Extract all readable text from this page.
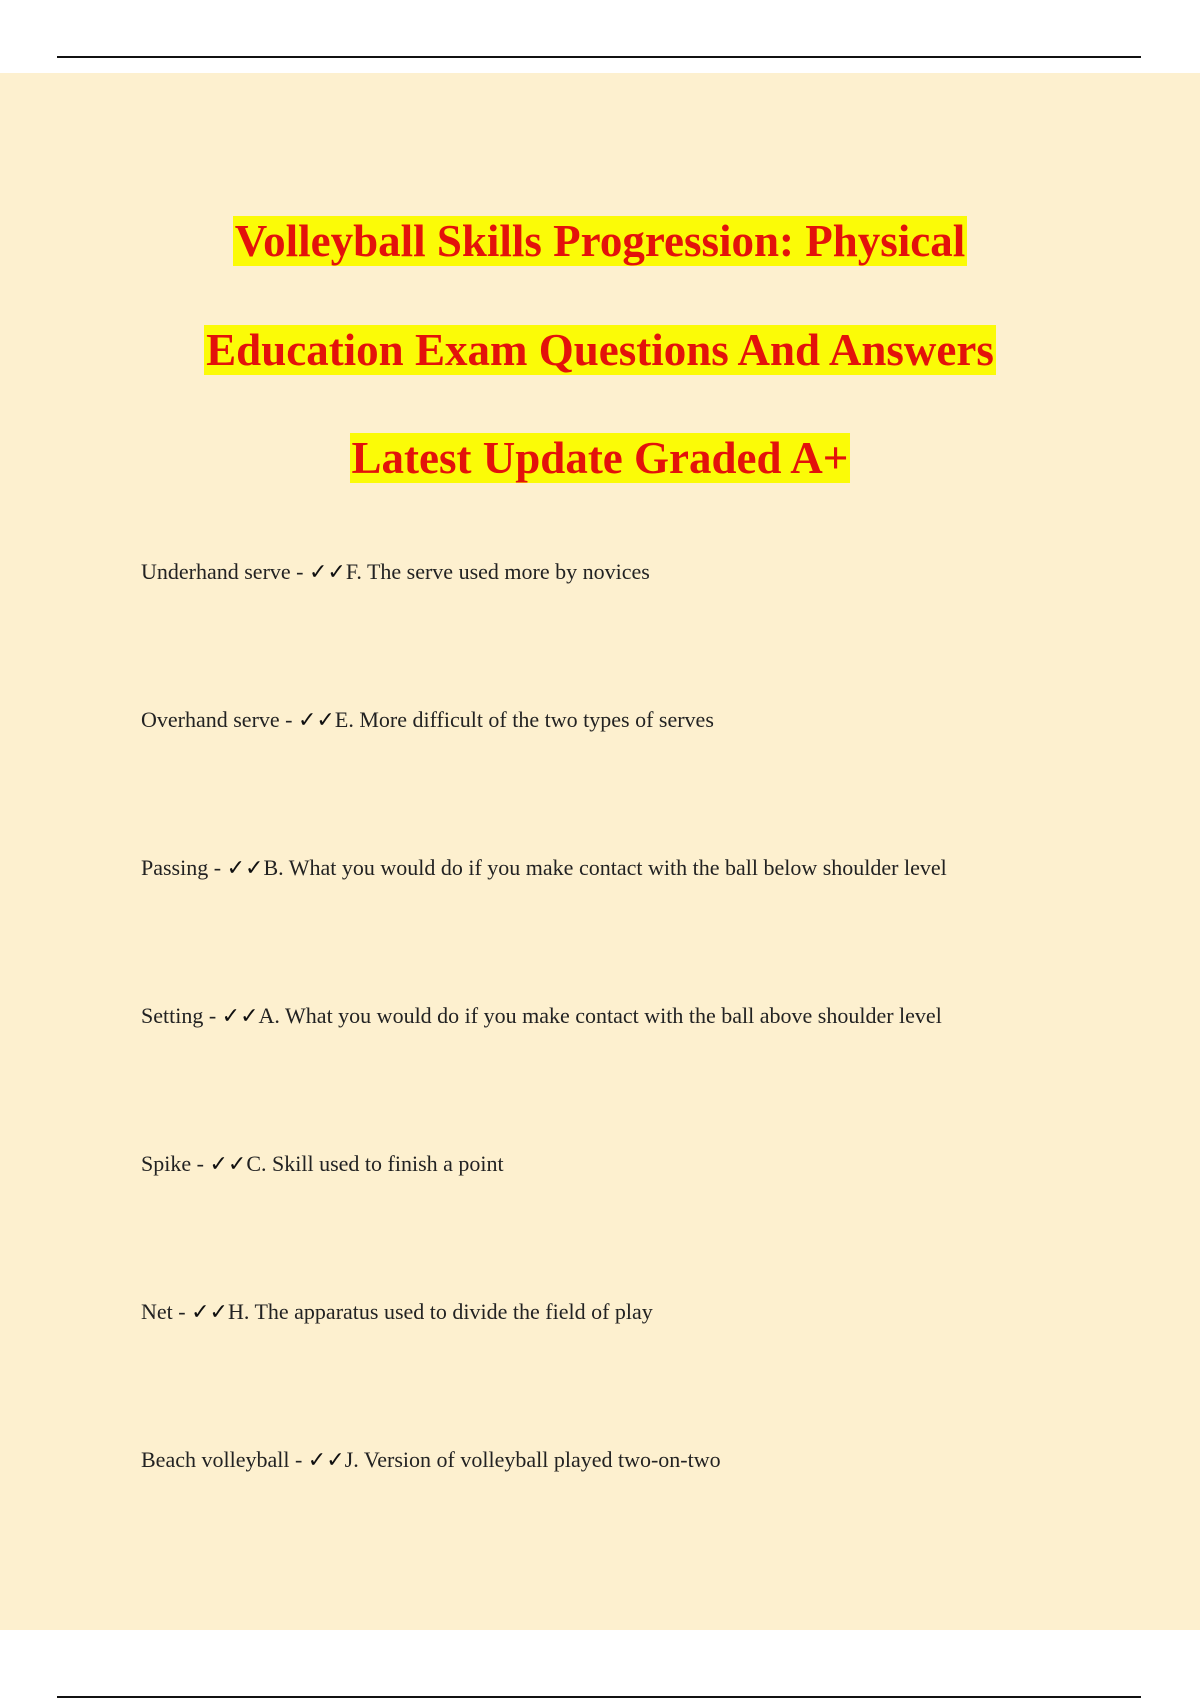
Volleyball Skills Progression: Physical
Education Exam Questions And Answers
Latest Update Graded A+
Underhand serve - ✓✓F. The serve used more by novices
Overhand serve - ✓✓E. More difficult of the two types of serves
Passing - ✓✓B. What you would do if you make contact with the ball below shoulder level
Setting - ✓✓A. What you would do if you make contact with the ball above shoulder level
Spike - ✓✓C. Skill used to finish a point
Net - ✓✓H. The apparatus used to divide the field of play
Beach volleyball - ✓✓J. Version of volleyball played two-on-two
